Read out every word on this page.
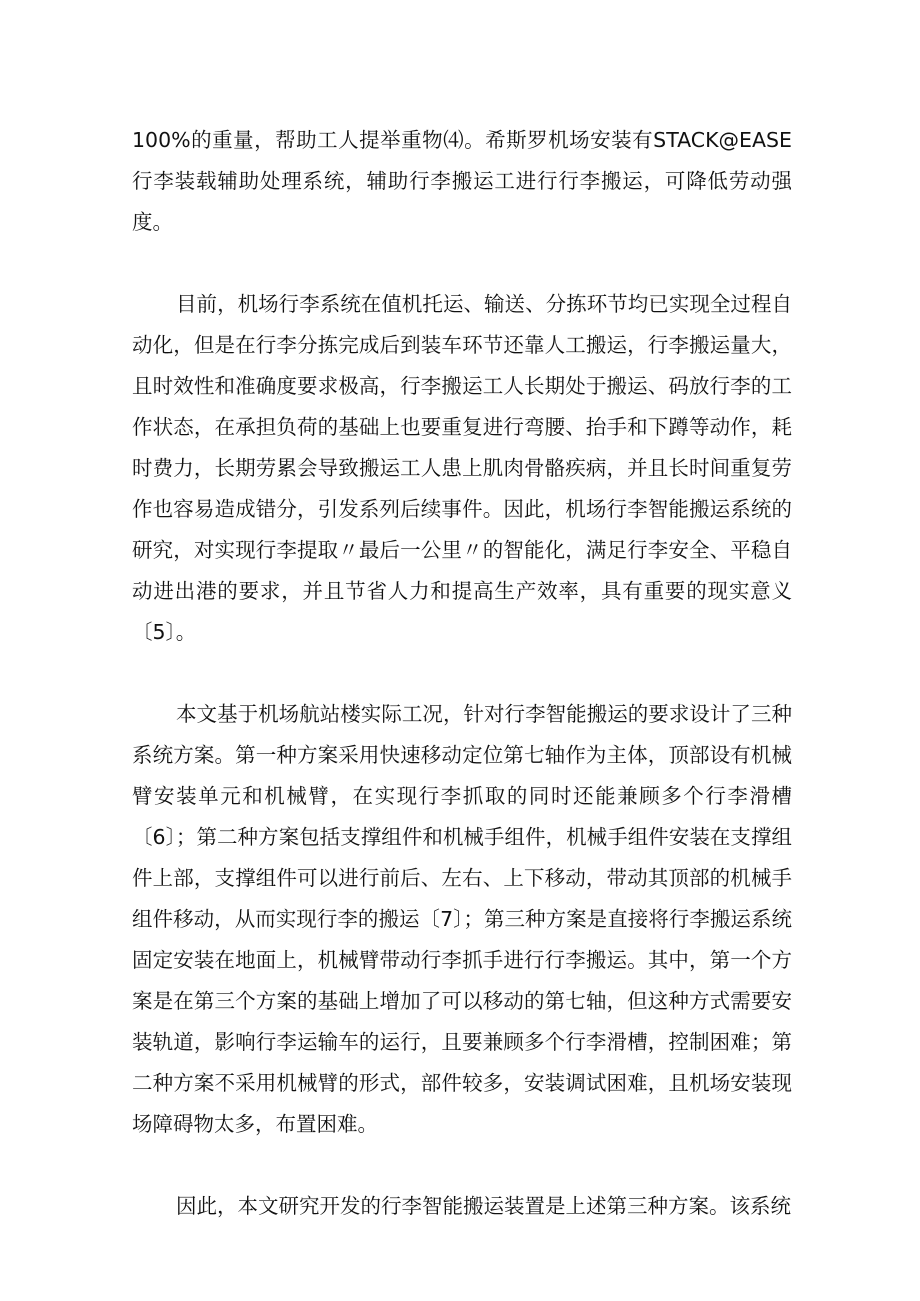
100%的重量，帮助工人提举重物⑷。希斯罗机场安装有STACK@EASE行李装载辅助处理系统，辅助行李搬运工进行行李搬运，可降低劳动强度。

目前，机场行李系统在值机托运、输送、分拣环节均已实现全过程自动化，但是在行李分拣完成后到装车环节还靠人工搬运，行李搬运量大，且时效性和准确度要求极高，行李搬运工人长期处于搬运、码放行李的工作状态，在承担负荷的基础上也要重复进行弯腰、抬手和下蹲等动作，耗时费力，长期劳累会导致搬运工人患上肌肉骨骼疾病，并且长时间重复劳作也容易造成错分，引发系列后续事件。因此，机场行李智能搬运系统的研究，对实现行李提取〃最后一公里〃的智能化，满足行李安全、平稳自动进出港的要求，并且节省人力和提高生产效率，具有重要的现实意义〔5〕。

本文基于机场航站楼实际工况，针对行李智能搬运的要求设计了三种系统方案。第一种方案采用快速移动定位第七轴作为主体，顶部设有机械臂安装单元和机械臂，在实现行李抓取的同时还能兼顾多个行李滑槽〔6〕；第二种方案包括支撑组件和机械手组件，机械手组件安装在支撑组件上部，支撑组件可以进行前后、左右、上下移动，带动其顶部的机械手组件移动，从而实现行李的搬运〔7〕；第三种方案是直接将行李搬运系统固定安装在地面上，机械臂带动行李抓手进行行李搬运。其中，第一个方案是在第三个方案的基础上增加了可以移动的第七轴，但这种方式需要安装轨道，影响行李运输车的运行，且要兼顾多个行李滑槽，控制困难；第二种方案不采用机械臂的形式，部件较多，安装调试困难，且机场安装现场障碍物太多，布置困难。

因此，本文研究开发的行李智能搬运装置是上述第三种方案。该系统
